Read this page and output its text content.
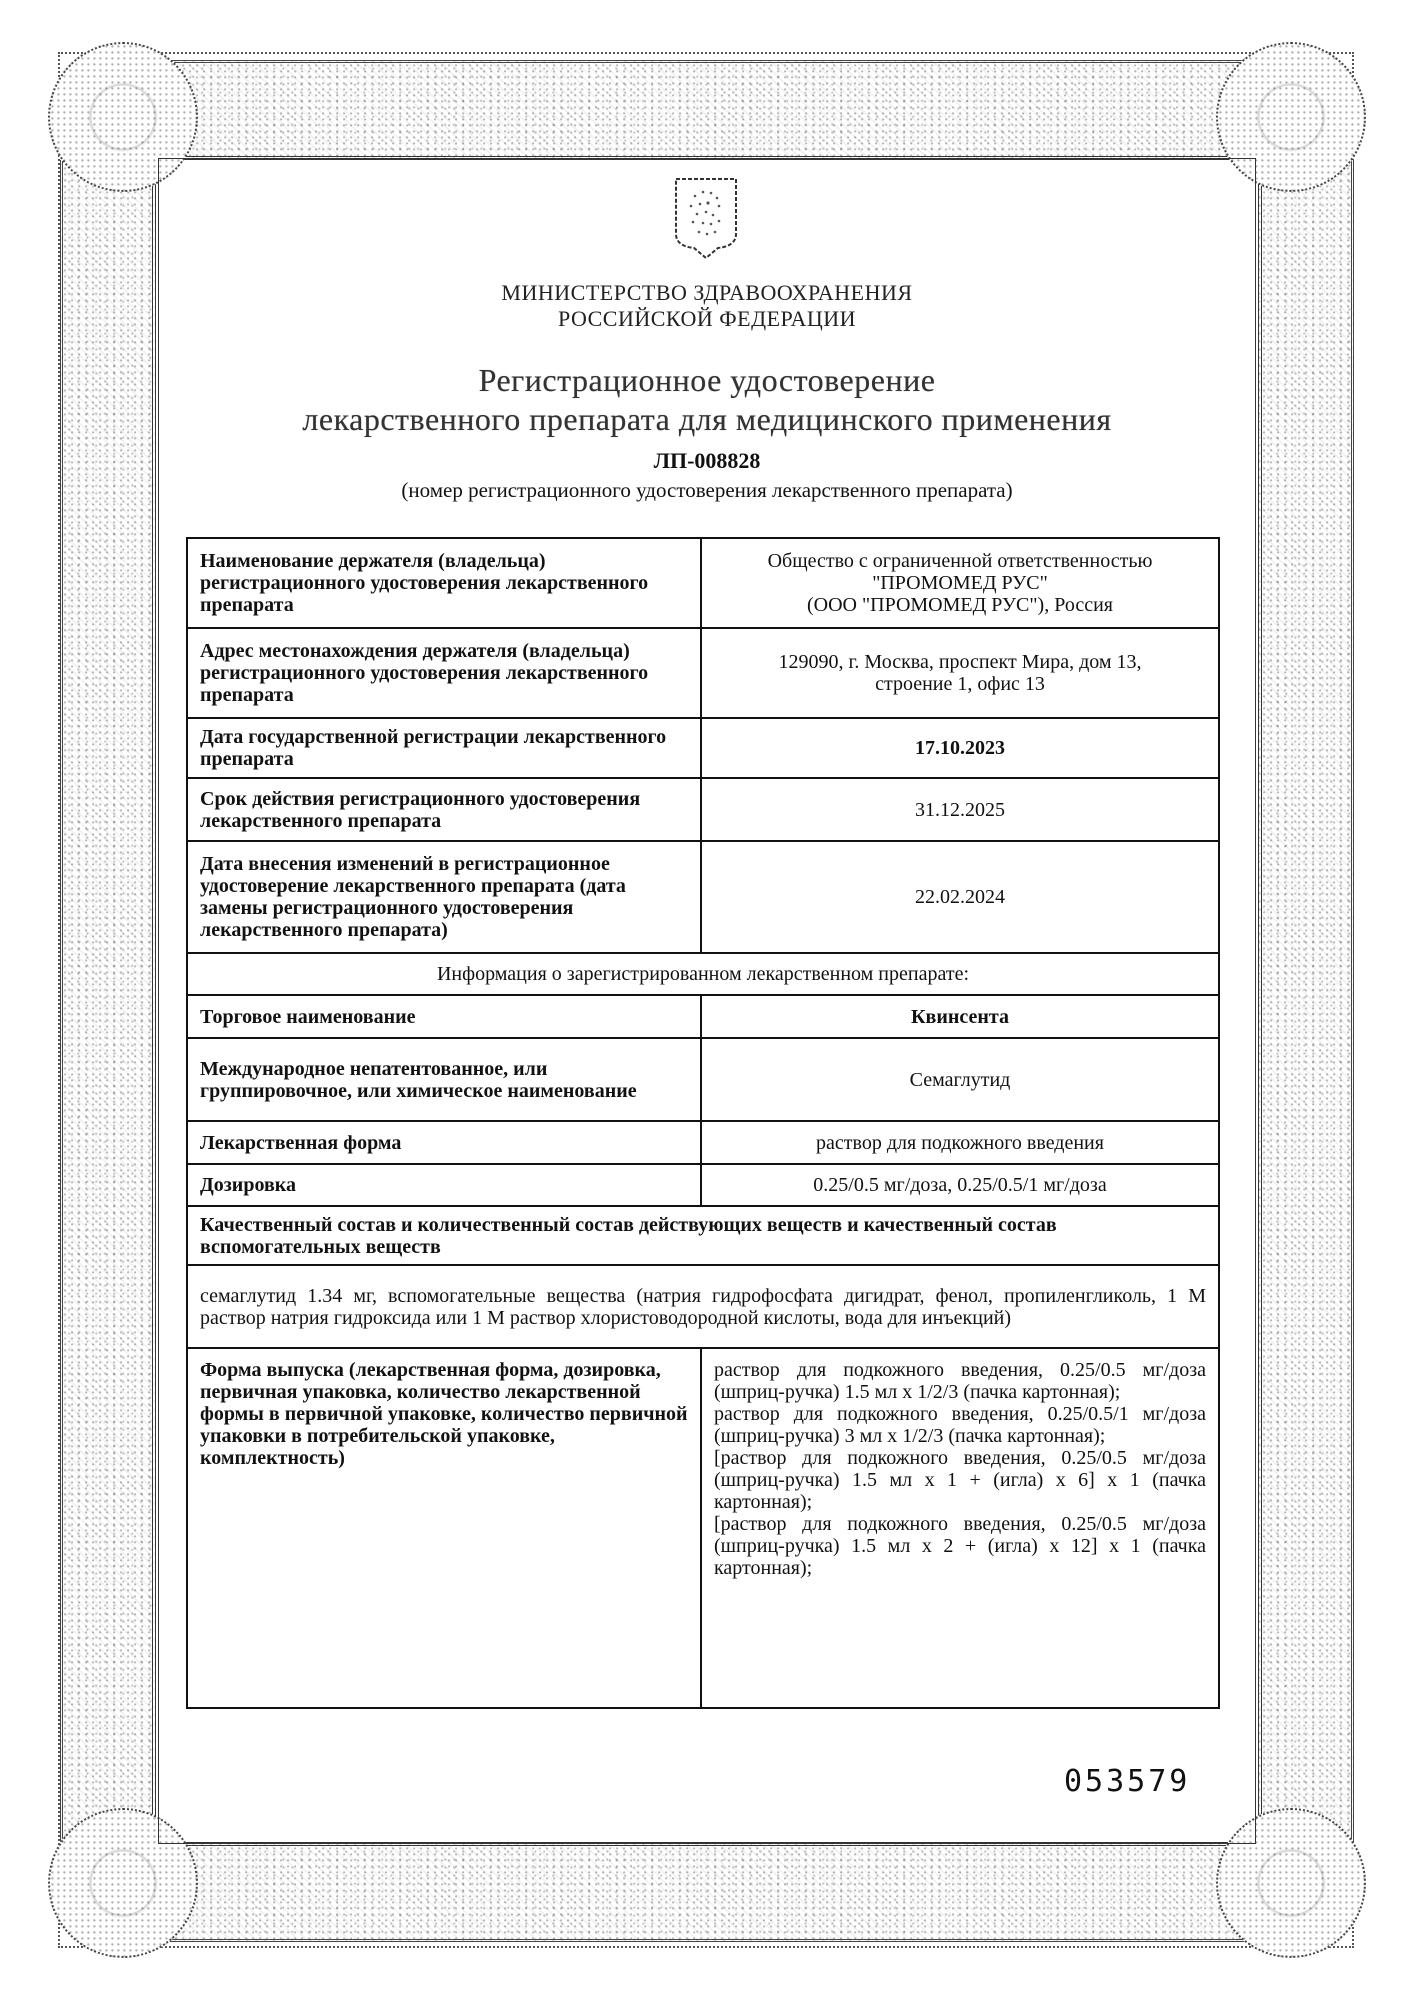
МИНИСТЕРСТВО ЗДРАВООХРАНЕНИЯ
РОССИЙСКОЙ ФЕДЕРАЦИИ
Регистрационное удостоверение
лекарственного препарата для медицинского применения
ЛП-008828
(номер регистрационного удостоверения лекарственного препарата)
Наименование держателя (владельца) регистрационного удостоверения лекарственного препарата	Общество с ограниченной ответственностью
"ПРОМОМЕД РУС"
(ООО "ПРОМОМЕД РУС"), Россия

Адрес местонахождения держателя (владельца) регистрационного удостоверения лекарственного препарата	129090, г. Москва, проспект Мира, дом 13,
строение 1, офис 13

Дата государственной регистрации лекарственного препарата	17.10.2023
Срок действия регистрационного удостоверения лекарственного препарата	31.12.2025
Дата внесения изменений в регистрационное удостоверение лекарственного препарата (дата замены регистрационного удостоверения лекарственного препарата)	22.02.2024
Информация о зарегистрированном лекарственном препарате:	
Торговое наименование	Квинсента
Международное непатентованное, или группировочное, или химическое наименование	Семаглутид
Лекарственная форма	раствор для подкожного введения
Дозировка	0.25/0.5 мг/доза, 0.25/0.5/1 мг/доза
Качественный состав и количественный состав действующих веществ и качественный состав вспомогательных веществ	
семаглутид 1.34 мг, вспомогательные вещества (натрия гидрофосфата дигидрат, фенол, пропиленгликоль, 1 М раствор натрия гидроксида или 1 М раствор хлористоводородной кислоты, вода для инъекций)	
Форма выпуска (лекарственная форма, дозировка, первичная упаковка, количество лекарственной формы в первичной упаковке, количество первичной упаковки в потребительской упаковке, комплектность)	раствор для подкожного введения, 0.25/0.5 мг/доза (шприц-ручка) 1.5 мл x 1/2/3 (пачка картонная);
раствор для подкожного введения, 0.25/0.5/1 мг/доза (шприц-ручка) 3 мл x 1/2/3 (пачка картонная);
[раствор для подкожного введения, 0.25/0.5 мг/доза (шприц-ручка) 1.5 мл x 1 + (игла) x 6] x 1 (пачка картонная);
[раствор для подкожного введения, 0.25/0.5 мг/доза (шприц-ручка) 1.5 мл x 2 + (игла) x 12] x 1 (пачка картонная);
053579
